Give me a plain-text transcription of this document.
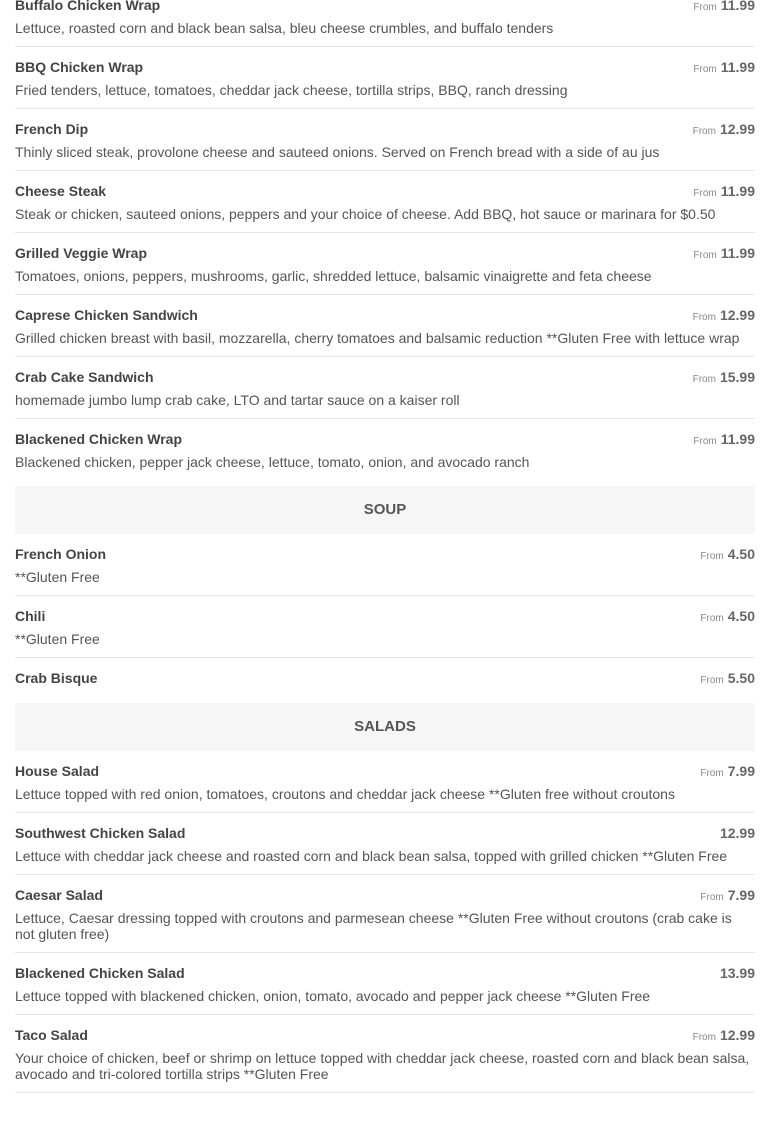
Buffalo Chicken Wrap	From 11.99
Lettuce, roasted corn and black bean salsa, bleu cheese crumbles, and buffalo tenders
BBQ Chicken Wrap	From 11.99
Fried tenders, lettuce, tomatoes, cheddar jack cheese, tortilla strips, BBQ, ranch dressing
French Dip	From 12.99
Thinly sliced steak, provolone cheese and sauteed onions. Served on French bread with a side of au jus
Cheese Steak	From 11.99
Steak or chicken, sauteed onions, peppers and your choice of cheese. Add BBQ, hot sauce or marinara for $0.50
Grilled Veggie Wrap	From 11.99
Tomatoes, onions, peppers, mushrooms, garlic, shredded lettuce, balsamic vinaigrette and feta cheese
Caprese Chicken Sandwich	From 12.99
Grilled chicken breast with basil, mozzarella, cherry tomatoes and balsamic reduction **Gluten Free with lettuce wrap
Crab Cake Sandwich	From 15.99
homemade jumbo lump crab cake, LTO and tartar sauce on a kaiser roll
Blackened Chicken Wrap	From 11.99
Blackened chicken, pepper jack cheese, lettuce, tomato, onion, and avocado ranch
SOUP
French Onion	From 4.50
**Gluten Free
Chili	From 4.50
**Gluten Free
Crab Bisque	From 5.50
SALADS
House Salad	From 7.99
Lettuce topped with red onion, tomatoes, croutons and cheddar jack cheese **Gluten free without croutons
Southwest Chicken Salad	12.99
Lettuce with cheddar jack cheese and roasted corn and black bean salsa, topped with grilled chicken **Gluten Free
Caesar Salad	From 7.99
Lettuce, Caesar dressing topped with croutons and parmesean cheese **Gluten Free without croutons (crab cake is not gluten free)
Blackened Chicken Salad	13.99
Lettuce topped with blackened chicken, onion, tomato, avocado and pepper jack cheese **Gluten Free
Taco Salad	From 12.99
Your choice of chicken, beef or shrimp on lettuce topped with cheddar jack cheese, roasted corn and black bean salsa, avocado and tri-colored tortilla strips **Gluten Free
